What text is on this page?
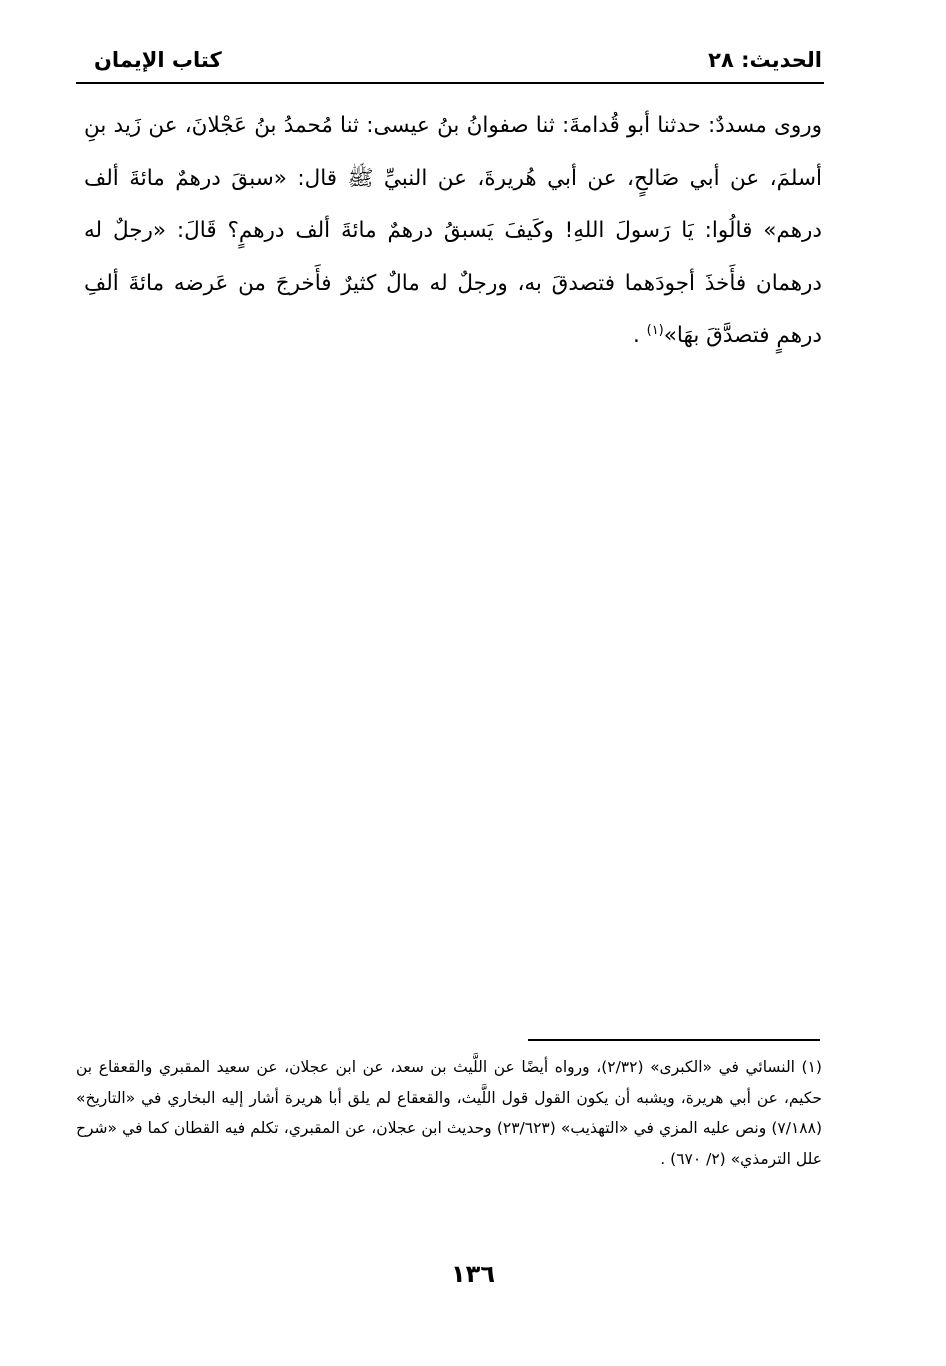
الحديث: ٢٨
كتاب الإيمان

وروى مسددٌ: حدثنا أبو قُدامةَ: ثنا صفوانُ بنُ عيسى: ثنا مُحمدُ بنُ عَجْلانَ، عن زَيد بنِ أسلمَ، عن أبي صَالحٍ، عن أبي هُريرةَ، عن النبيِّ ﷺ قال: «سبقَ درهمٌ مائةَ ألف درهم» قالُوا: يَا رَسولَ اللهِ! وكَيفَ يَسبقُ درهمٌ مائةَ ألف درهمٍ؟ قَالَ: «رجلٌ له درهمان فأَخذَ أجودَهما فتصدقَ به، ورجلٌ له مالٌ كثيرٌ فأَخرجَ من عَرضه مائةَ ألفِ درهمٍ فتصدَّقَ بهَا»$^{(١)}$ .

(١) النسائي في «الكبرى» (٢/٣٢)، ورواه أيضًا عن اللَّيث بن سعد، عن ابن عجلان، عن سعيد المقبري والقعقاع بن حكيم، عن أبي هريرة، ويشبه أن يكون القول قول اللَّيث، والقعقاع لم يلق أبا هريرة أشار إليه البخاري في «التاريخ» (٧/١٨٨) ونص عليه المزي في «التهذيب» (٢٣/٦٢٣) وحديث ابن عجلان، عن المقبري، تكلم فيه القطان كما في «شرح علل الترمذي» (٢/ ٦٧٠) .

١٣٦
